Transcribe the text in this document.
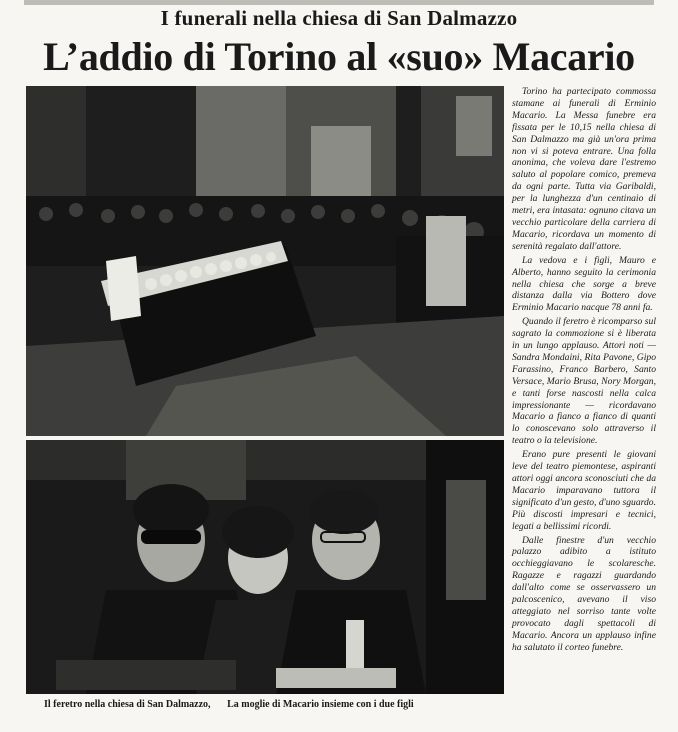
I funerali nella chiesa di San Dalmazzo
L’addio di Torino al «suo» Macario
Il feretro nella chiesa di San Dalmazzo, La moglie di Macario insieme con i due figli

Torino ha partecipato commossa stamane ai funerali di Erminio Macario. La Messa funebre era fissata per le 10,15 nella chiesa di San Dalmazzo ma già un'ora prima non vi si poteva entrare. Una folla anonima, che voleva dare l'estremo saluto al popolare comico, premeva da ogni parte. Tutta via Garibaldi, per la lunghezza d'un centinaio di metri, era intasata: ognuno citava un vecchio particolare della carriera di Macario, ricordava un momento di serenità regalato dall'attore.

La vedova e i figli, Mauro e Alberto, hanno seguito la cerimonia nella chiesa che sorge a breve distanza dalla via Bottero dove Erminio Macario nacque 78 anni fa.

Quando il feretro è ricomparso sul sagrato la commozione si è liberata in un lungo applauso. Attori noti — Sandra Mondaini, Rita Pavone, Gipo Farassino, Franco Barbero, Santo Versace, Mario Brusa, Nory Morgan, e tanti forse nascosti nella calca impressionante — ricordavano Macario a fianco a fianco di quanti lo conoscevano solo attraverso il teatro o la televisione.

Erano pure presenti le giovani leve del teatro piemontese, aspiranti attori oggi ancora sconosciuti che da Macario imparavano tuttora il significato d'un gesto, d'uno sguardo. Più discosti impresari e tecnici, legati a bellissimi ricordi.

Dalle finestre d'un vecchio palazzo adibito a istituto occhieggiavano le scolaresche. Ragazze e ragazzi guardando dall'alto come se osservassero un palcoscenico, avevano il viso atteggiato nel sorriso tante volte provocato dagli spettacoli di Macario. Ancora un applauso infine ha salutato il corteo funebre.
